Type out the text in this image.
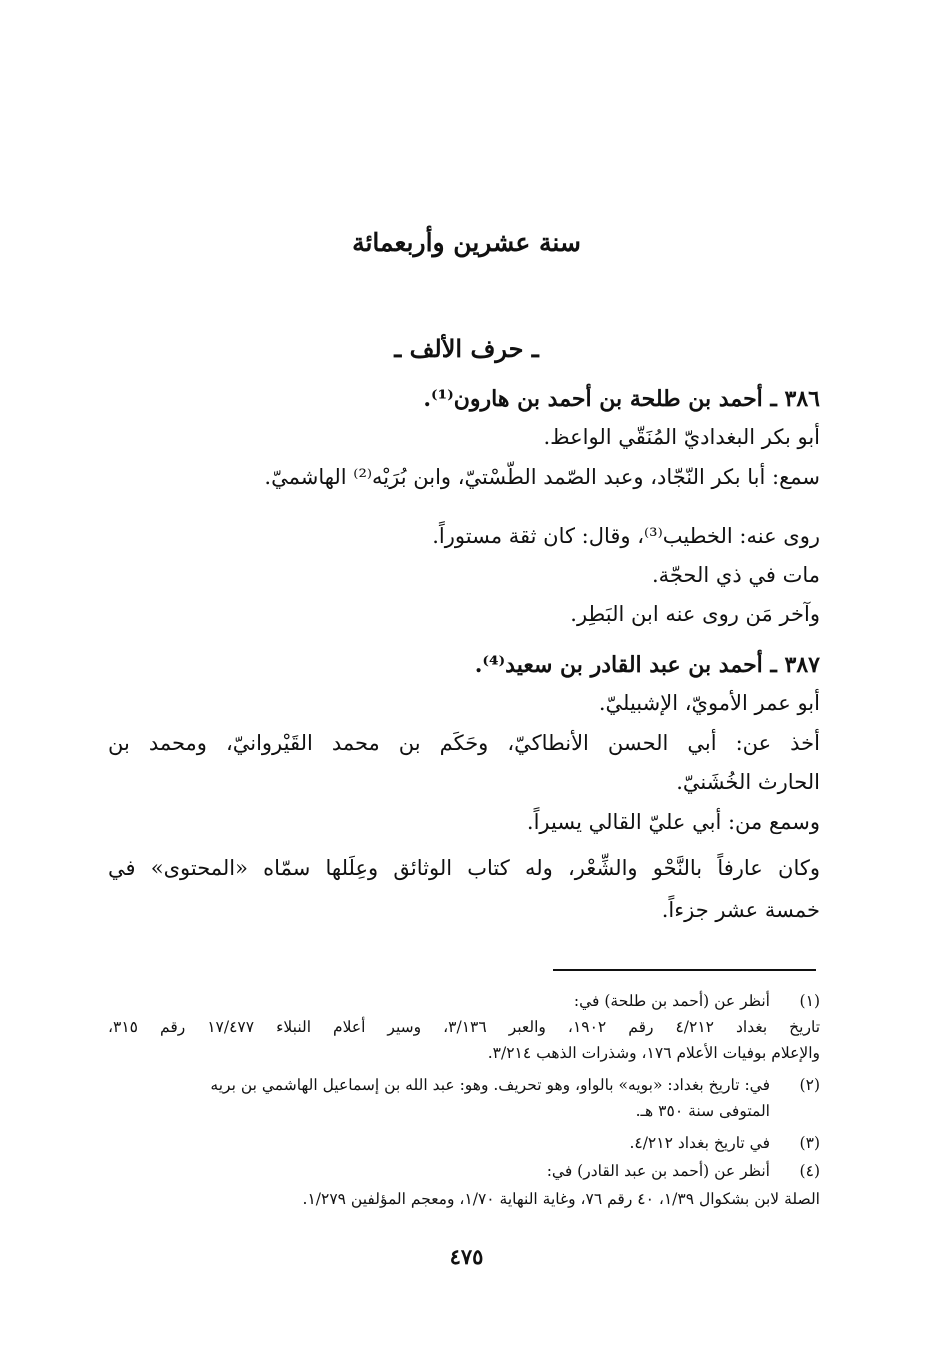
سنة عشرين وأربعمائة
ـ حرف الألف ـ
٣٨٦ ـ أحمد بن طلحة بن أحمد بن هارون⁽¹⁾.
أبو بكر البغداديّ المُنَقّي الواعظ.
سمع: أبا بكر النّجّاد، وعبد الصّمد الطّسْتيّ، وابن بُرَيْه⁽²⁾ الهاشميّ.
روى عنه: الخطيب⁽³⁾، وقال: كان ثقة مستوراً.
مات في ذي الحجّة.
وآخر مَن روى عنه ابن البَطِر.
٣٨٧ ـ أحمد بن عبد القادر بن سعيد⁽⁴⁾.
أبو عمر الأمويّ، الإشبيليّ.
أخذ عن: أبي الحسن الأنطاكيّ، وحَكَم بن محمد القَيْروانيّ، ومحمد بن
الحارث الخُشَنيّ.
وسمع من: أبي عليّ القالي يسيراً.
وكان عارفاً بالنَّحْو والشِّعْر، وله كتاب الوثائق وعِلَلها سمّاه «المحتوى» في
خمسة عشر جزءاً.
(١)
أنظر عن (أحمد بن طلحة) في:
تاريخ بغداد ٤/٢١٢ رقم ١٩٠٢، والعبر ٣/١٣٦، وسير أعلام النبلاء ١٧/٤٧٧ رقم ٣١٥،
والإعلام بوفيات الأعلام ١٧٦، وشذرات الذهب ٣/٢١٤.
(٢)
في: تاريخ بغداد: «بويه» بالواو، وهو تحريف. وهو: عبد الله بن إسماعيل الهاشمي بن بريه
المتوفى سنة ٣٥٠ هـ.
(٣)
في تاريخ بغداد ٤/٢١٢.
(٤)
أنظر عن (أحمد بن عبد القادر) في:
الصلة لابن بشكوال ١/٣٩، ٤٠ رقم ٧٦، وغاية النهاية ١/٧٠، ومعجم المؤلفين ١/٢٧٩.
٤٧٥
